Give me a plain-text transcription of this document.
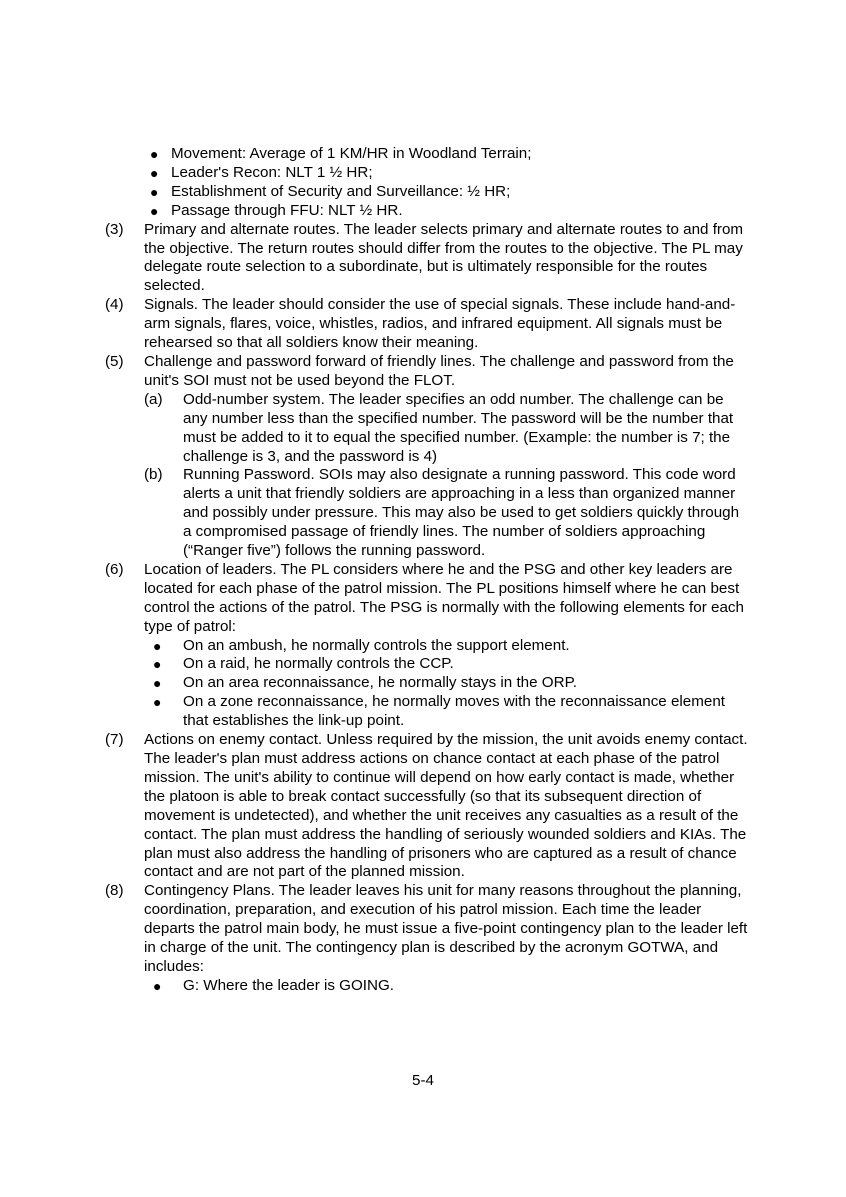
● Movement: Average of 1 KM/HR in Woodland Terrain;
● Leader's Recon: NLT 1 ½ HR;
● Establishment of Security and Surveillance: ½ HR;
● Passage through FFU: NLT ½ HR.
(3)	Primary and alternate routes. The leader selects primary and alternate routes to and from the objective. The return routes should differ from the routes to the objective. The PL may delegate route selection to a subordinate, but is ultimately responsible for the routes selected.
(4)	Signals. The leader should consider the use of special signals. These include hand-and-arm signals, flares, voice, whistles, radios, and infrared equipment. All signals must be rehearsed so that all soldiers know their meaning.
(5)	Challenge and password forward of friendly lines. The challenge and password from the unit's SOI must not be used beyond the FLOT.
(a)	Odd-number system. The leader specifies an odd number. The challenge can be any number less than the specified number. The password will be the number that must be added to it to equal the specified number. (Example: the number is 7; the challenge is 3, and the password is 4)
(b)	Running Password. SOIs may also designate a running password. This code word alerts a unit that friendly soldiers are approaching in a less than organized manner and possibly under pressure. This may also be used to get soldiers quickly through a compromised passage of friendly lines. The number of soldiers approaching (“Ranger five”) follows the running password.
(6)	Location of leaders. The PL considers where he and the PSG and other key leaders are located for each phase of the patrol mission. The PL positions himself where he can best control the actions of the patrol. The PSG is normally with the following elements for each type of patrol:
● On an ambush, he normally controls the support element.
● On a raid, he normally controls the CCP.
● On an area reconnaissance, he normally stays in the ORP.
● On a zone reconnaissance, he normally moves with the reconnaissance element that establishes the link-up point.
(7)	Actions on enemy contact. Unless required by the mission, the unit avoids enemy contact. The leader's plan must address actions on chance contact at each phase of the patrol mission. The unit's ability to continue will depend on how early contact is made, whether the platoon is able to break contact successfully (so that its subsequent direction of movement is undetected), and whether the unit receives any casualties as a result of the contact. The plan must address the handling of seriously wounded soldiers and KIAs. The plan must also address the handling of prisoners who are captured as a result of chance contact and are not part of the planned mission.
(8)	Contingency Plans. The leader leaves his unit for many reasons throughout the planning, coordination, preparation, and execution of his patrol mission. Each time the leader departs the patrol main body, he must issue a five-point contingency plan to the leader left in charge of the unit. The contingency plan is described by the acronym GOTWA, and includes:
● G: Where the leader is GOING.
5-4
